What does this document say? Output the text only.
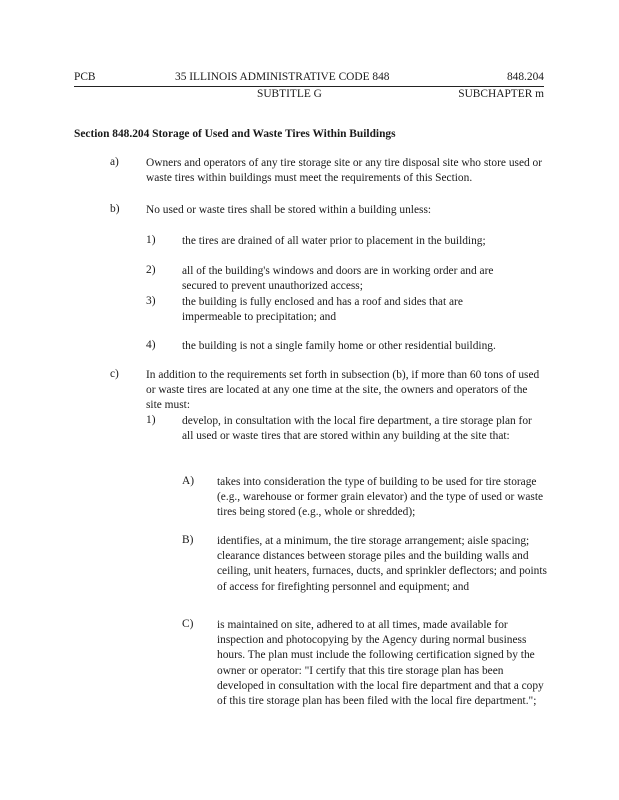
PCB	35 ILLINOIS ADMINISTRATIVE CODE 848	848.204
SUBTITLE G	SUBCHAPTER m
Section 848.204 Storage of Used and Waste Tires Within Buildings
a) Owners and operators of any tire storage site or any tire disposal site who store used or waste tires within buildings must meet the requirements of this Section.
b) No used or waste tires shall be stored within a building unless:
1) the tires are drained of all water prior to placement in the building;
2) all of the building's windows and doors are in working order and are secured to prevent unauthorized access;
3) the building is fully enclosed and has a roof and sides that are impermeable to precipitation; and
4) the building is not a single family home or other residential building.
c) In addition to the requirements set forth in subsection (b), if more than 60 tons of used or waste tires are located at any one time at the site, the owners and operators of the site must:
1) develop, in consultation with the local fire department, a tire storage plan for all used or waste tires that are stored within any building at the site that:
A) takes into consideration the type of building to be used for tire storage (e.g., warehouse or former grain elevator) and the type of used or waste tires being stored (e.g., whole or shredded);
B) identifies, at a minimum, the tire storage arrangement; aisle spacing; clearance distances between storage piles and the building walls and ceiling, unit heaters, furnaces, ducts, and sprinkler deflectors; and points of access for firefighting personnel and equipment; and
C) is maintained on site, adhered to at all times, made available for inspection and photocopying by the Agency during normal business hours. The plan must include the following certification signed by the owner or operator: "I certify that this tire storage plan has been developed in consultation with the local fire department and that a copy of this tire storage plan has been filed with the local fire department.";
